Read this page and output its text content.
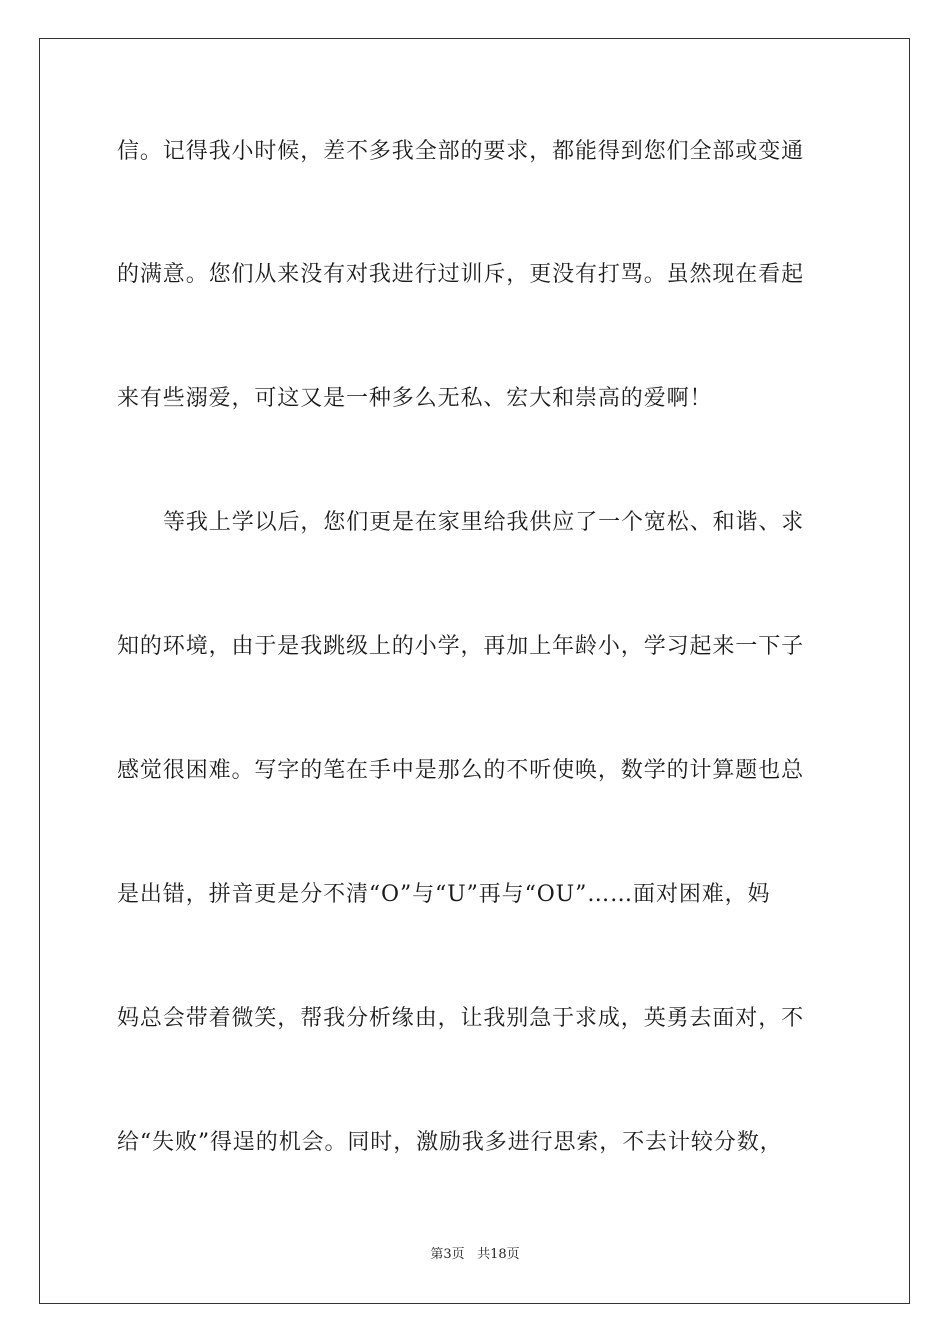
信。记得我小时候，差不多我全部的要求，都能得到您们全部或变通
的满意。您们从来没有对我进行过训斥，更没有打骂。虽然现在看起
来有些溺爱，可这又是一种多么无私、宏大和崇高的爱啊！
等我上学以后，您们更是在家里给我供应了一个宽松、和谐、求
知的环境，由于是我跳级上的小学，再加上年龄小，学习起来一下子
感觉很困难。写字的笔在手中是那么的不听使唤，数学的计算题也总
是出错，拼音更是分不清“O”与“U”再与“OU”……面对困难，妈
妈总会带着微笑，帮我分析缘由，让我别急于求成，英勇去面对，不
给“失败”得逞的机会。同时，激励我多进行思索，不去计较分数，
第3页 共18页
